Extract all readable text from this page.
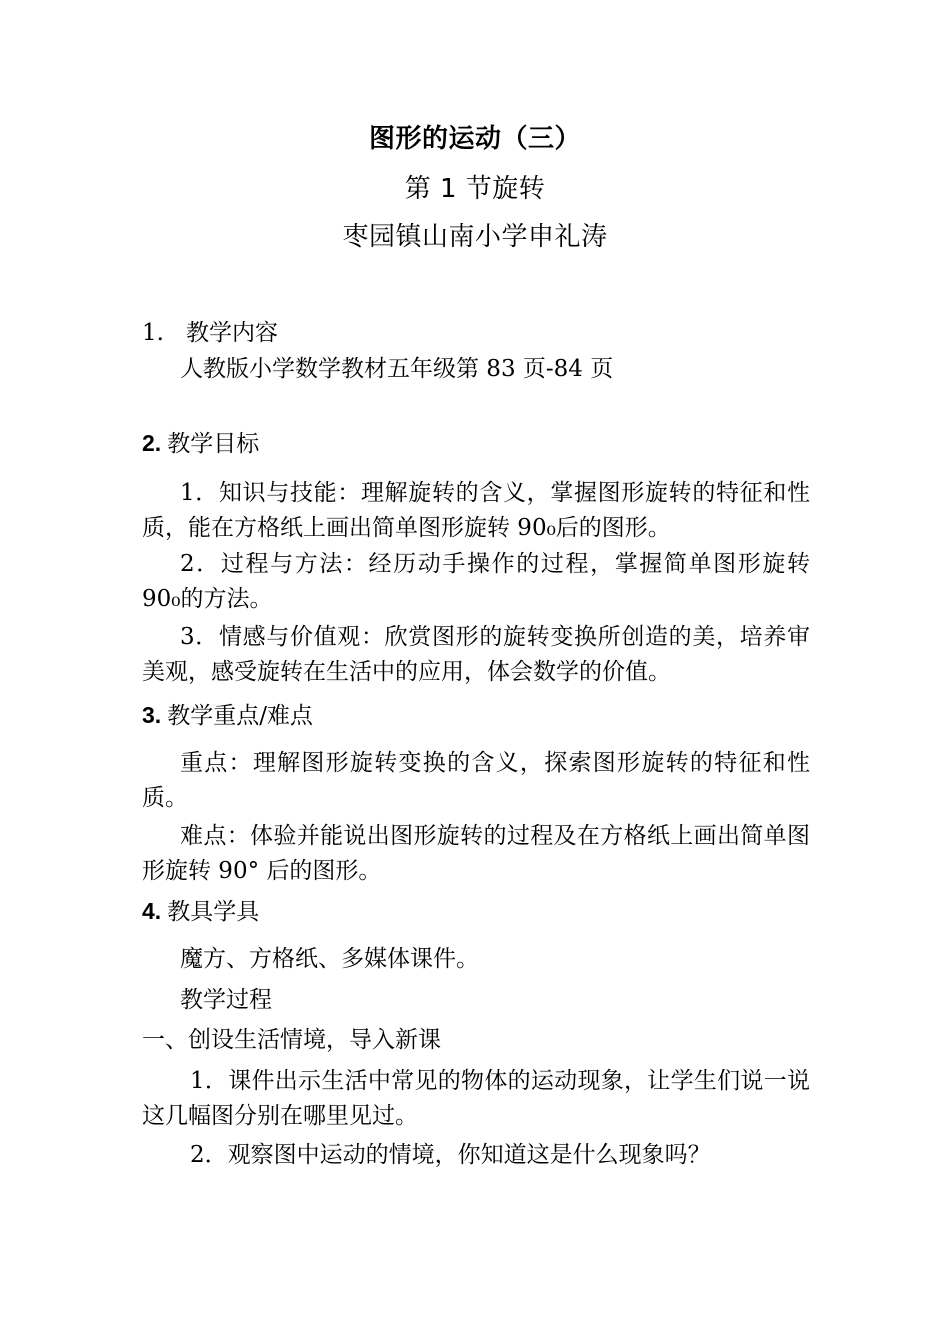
图形的运动（三）
第 1 节旋转
枣园镇山南小学申礼涛
1. 教学内容
人教版小学数学教材五年级第 83 页-84 页
2. 教学目标
1．知识与技能：理解旋转的含义，掌握图形旋转的特征和性质，能在方格纸上画出简单图形旋转 90₀后的图形。
2．过程与方法：经历动手操作的过程，掌握简单图形旋转 90₀的方法。
3．情感与价值观：欣赏图形的旋转变换所创造的美，培养审美观，感受旋转在生活中的应用，体会数学的价值。
3. 教学重点/难点
重点：理解图形旋转变换的含义，探索图形旋转的特征和性质。
难点：体验并能说出图形旋转的过程及在方格纸上画出简单图形旋转 90° 后的图形。
4. 教具学具
魔方、方格纸、多媒体课件。
教学过程
一、创设生活情境，导入新课
1．课件出示生活中常见的物体的运动现象，让学生们说一说这几幅图分别在哪里见过。
2．观察图中运动的情境，你知道这是什么现象吗？
